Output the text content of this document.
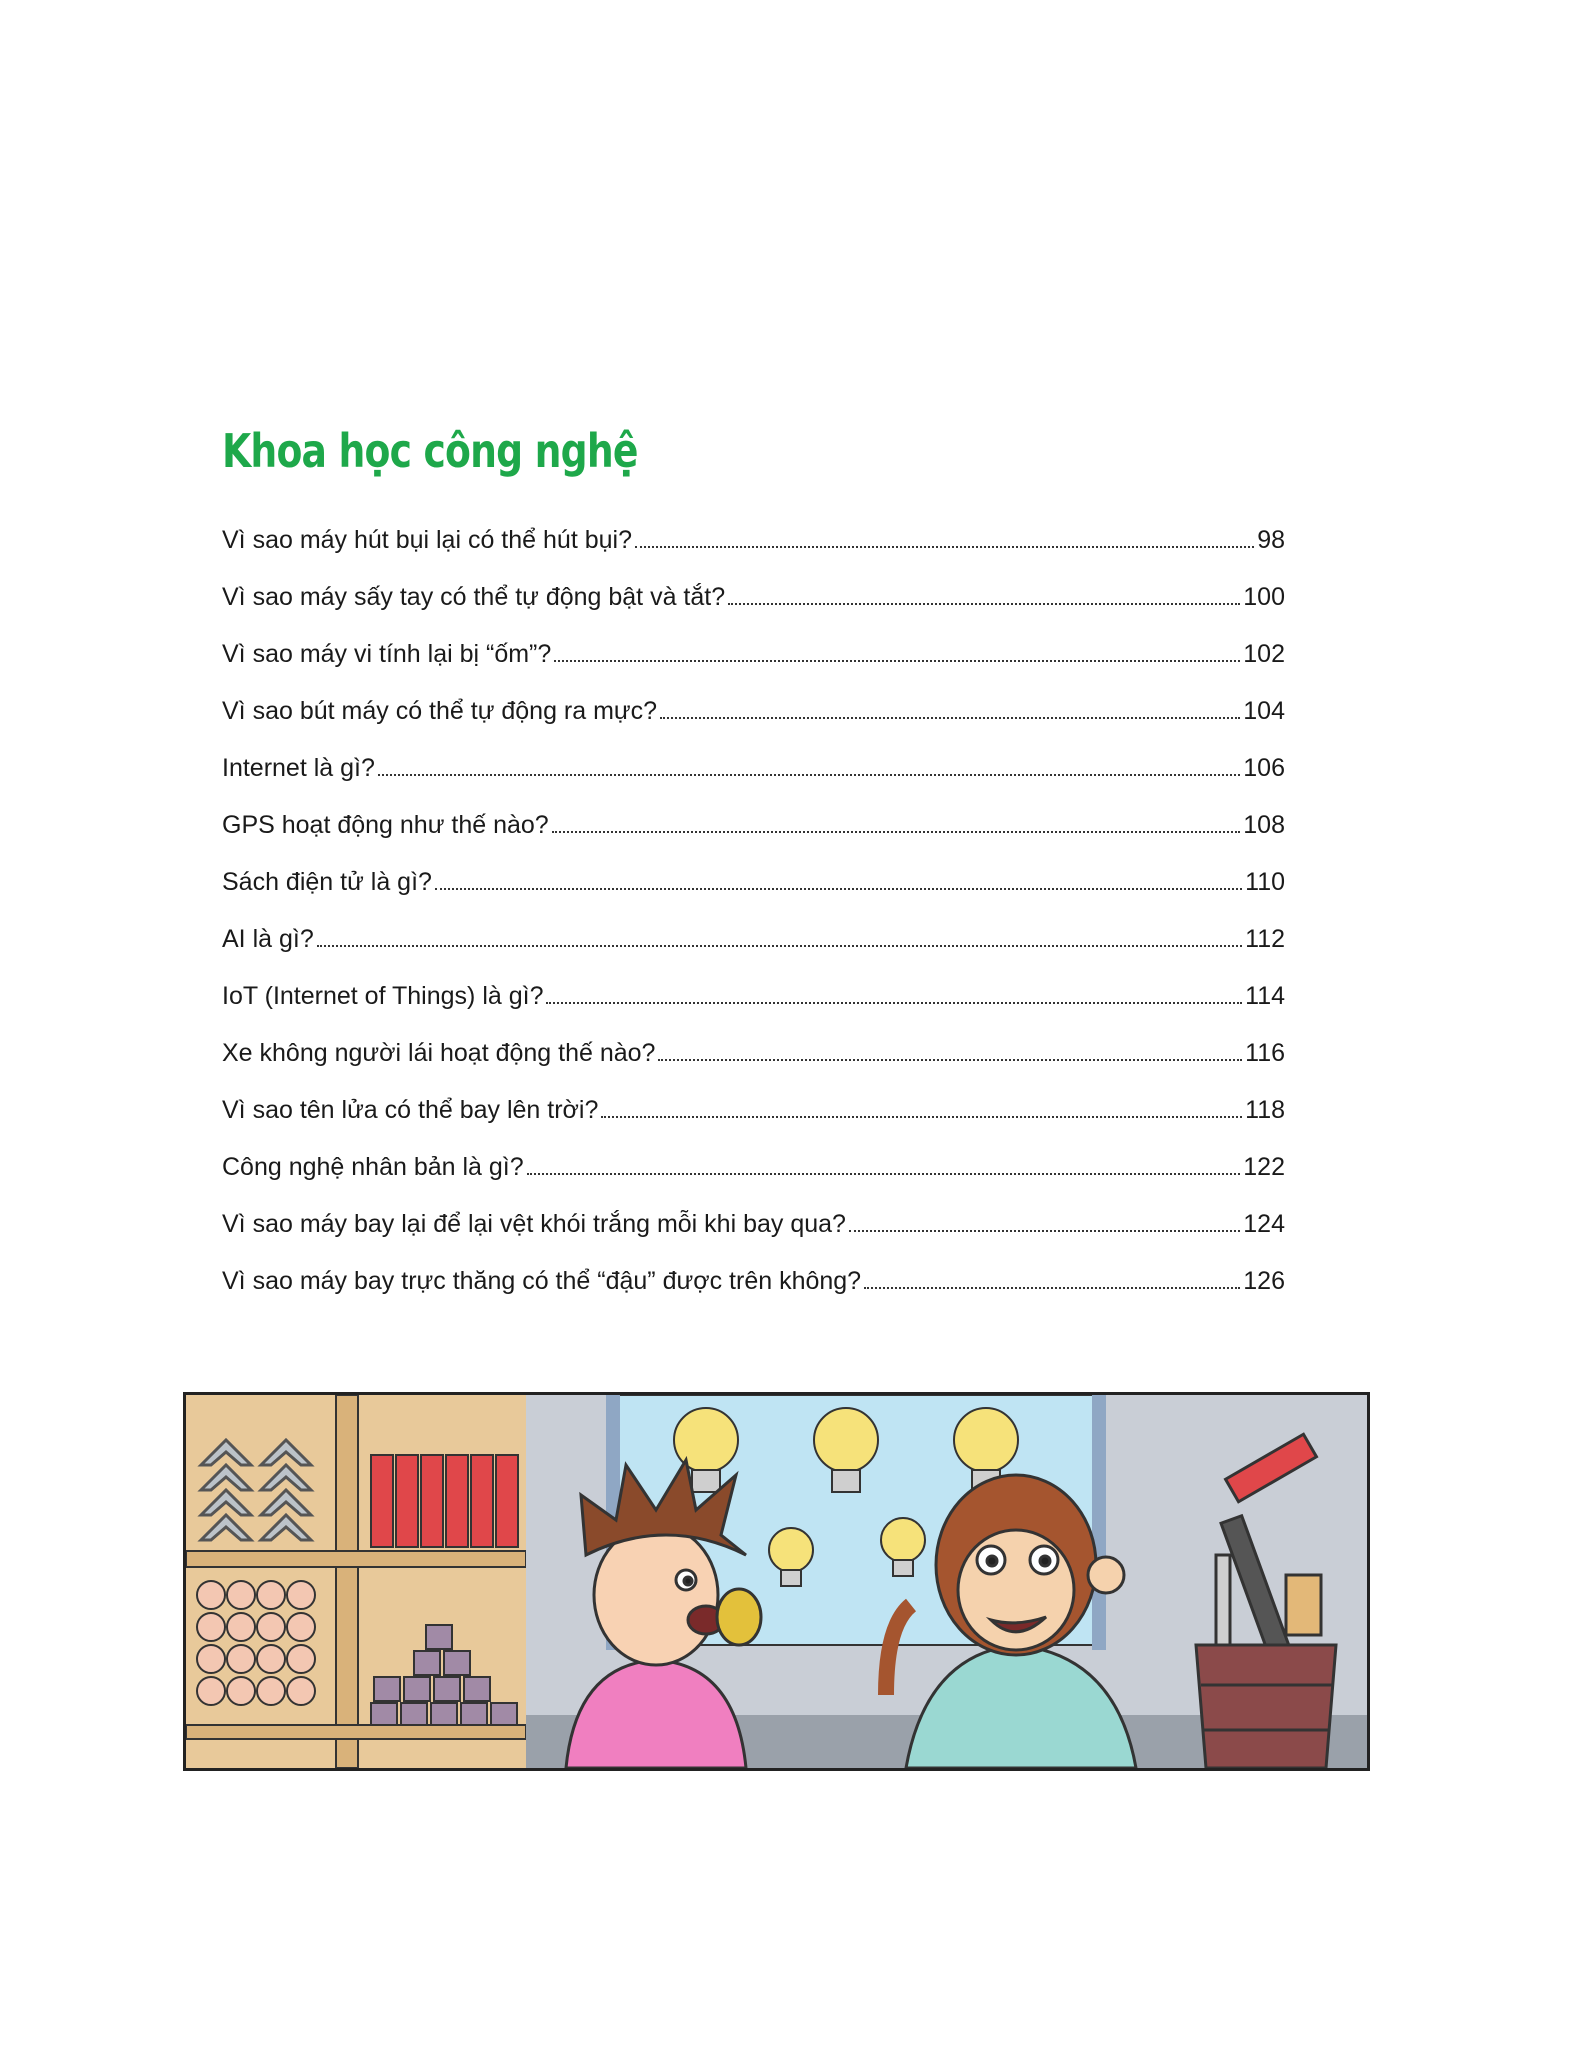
Khoa học công nghệ
Vì sao máy hút bụi lại có thể hút bụi?	98
Vì sao máy sấy tay có thể tự động bật và tắt?	100
Vì sao máy vi tính lại bị “ốm”?	102
Vì sao bút máy có thể tự động ra mực?	104
Internet là gì?	106
GPS hoạt động như thế nào?	108
Sách điện tử là gì?	110
AI là gì?	112
IoT (Internet of Things) là gì?	114
Xe không người lái hoạt động thế nào?	116
Vì sao tên lửa có thể bay lên trời?	118
Công nghệ nhân bản là gì?	122
Vì sao máy bay lại để lại vệt khói trắng mỗi khi bay qua?	124
Vì sao máy bay trực thăng có thể “đậu” được trên không?	126
